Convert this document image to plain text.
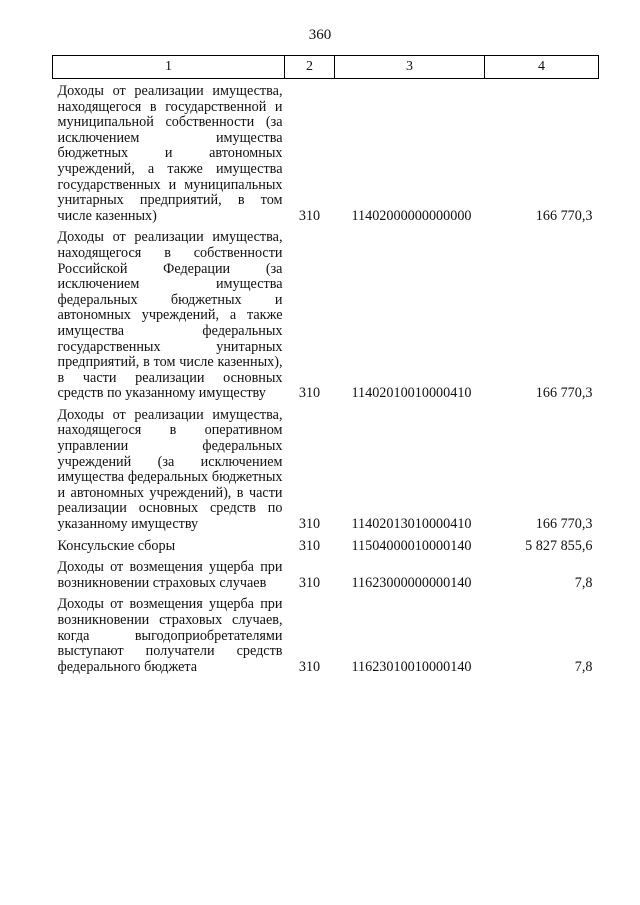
360
1	2	3	4

Доходы от реализации имущества, находящегося в государственной и муниципальной собственности (за исключением имущества бюджетных и автономных учреждений, а также имущества государственных и муниципальных унитарных предприятий, в том числе казенных)	310	11402000000000000	166 770,3

Доходы от реализации имущества, находящегося в собственности Российской Федерации (за исключением имущества федеральных бюджетных и автономных учреждений, а также имущества федеральных государственных унитарных предприятий, в том числе казенных), в части реализации основных средств по указанному имуществу	310	11402010010000410	166 770,3

Доходы от реализации имущества, находящегося в оперативном управлении федеральных учреждений (за исключением имущества федеральных бюджетных и автономных учреждений), в части реализации основных средств по указанному имуществу	310	11402013010000410	166 770,3

Консульские сборы	310	11504000010000140	5 827 855,6

Доходы от возмещения ущерба при возникновении страховых случаев	310	11623000000000140	7,8

Доходы от возмещения ущерба при возникновении страховых случаев, когда выгодоприобретателями выступают получатели средств федерального бюджета	310	11623010010000140	7,8
